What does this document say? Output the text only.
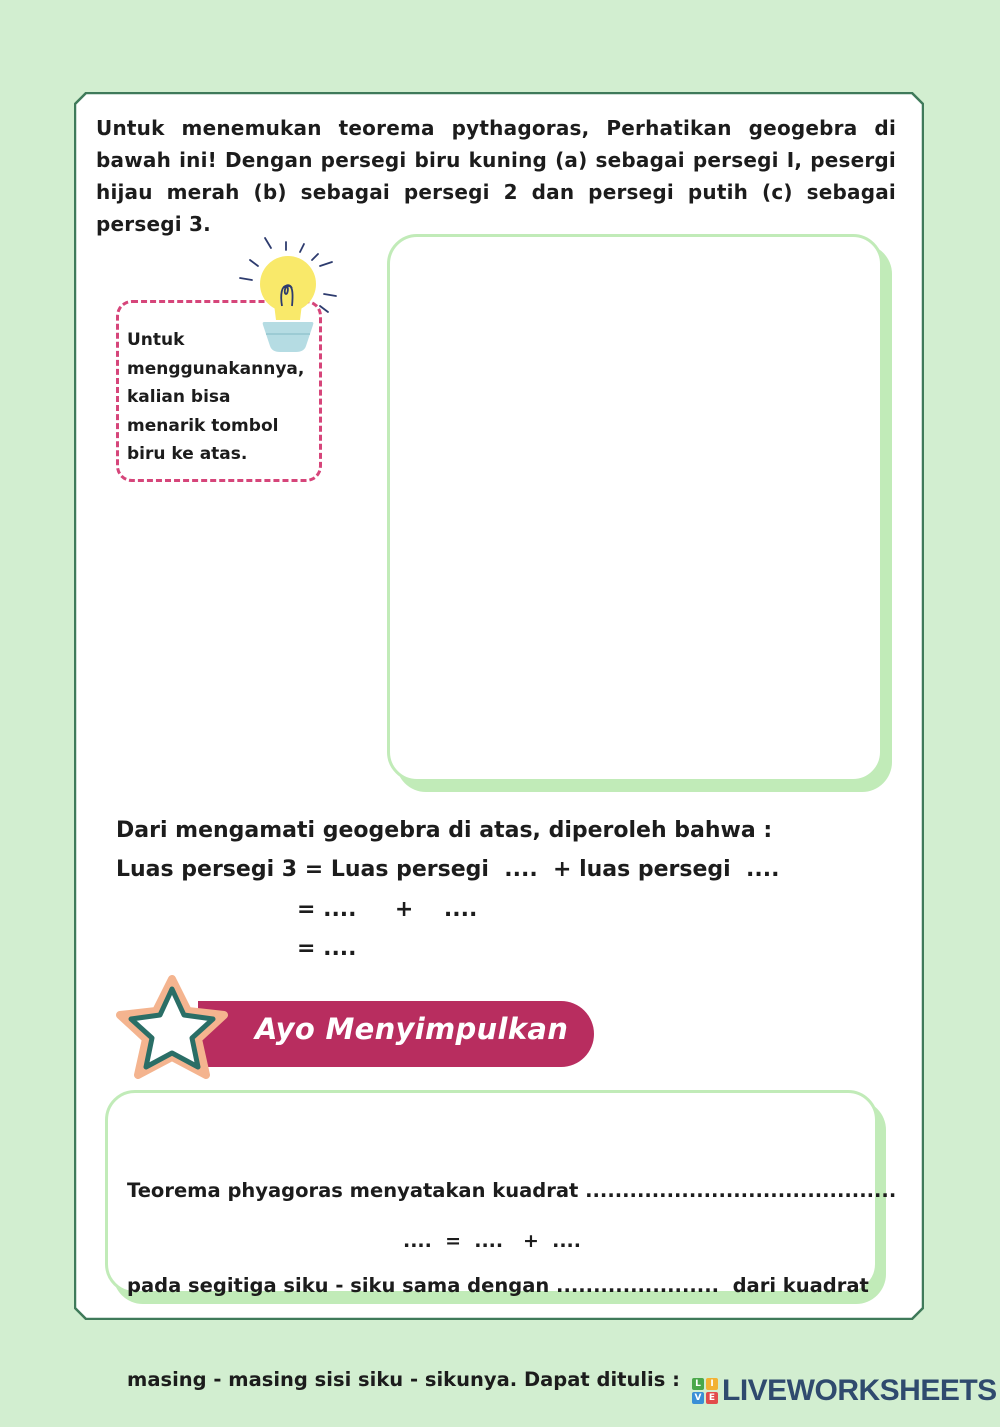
Untuk menemukan teorema pythagoras, Perhatikan geogebra di bawah ini! Dengan persegi biru kuning (a) sebagai persegi I, pesergi hijau merah (b) sebagai persegi 2 dan persegi putih (c) sebagai persegi 3.
Untuk
menggunakannya,
kalian bisa
menarik tombol
biru ke atas.
Dari mengamati geogebra di atas, diperoleh bahwa :
Luas persegi 3 = Luas persegi  ....  + luas persegi  ....
= ....     +    ....
= ....
Ayo Menyimpulkan

Teorema phyagoras menyatakan kuadrat ..........................................

pada segitiga siku - siku sama dengan ......................  dari kuadrat

masing - masing sisi siku - sikunya. Dapat ditulis :

....  =  ....   +  ....
L	I
V E LIVEWORKSHEETS
